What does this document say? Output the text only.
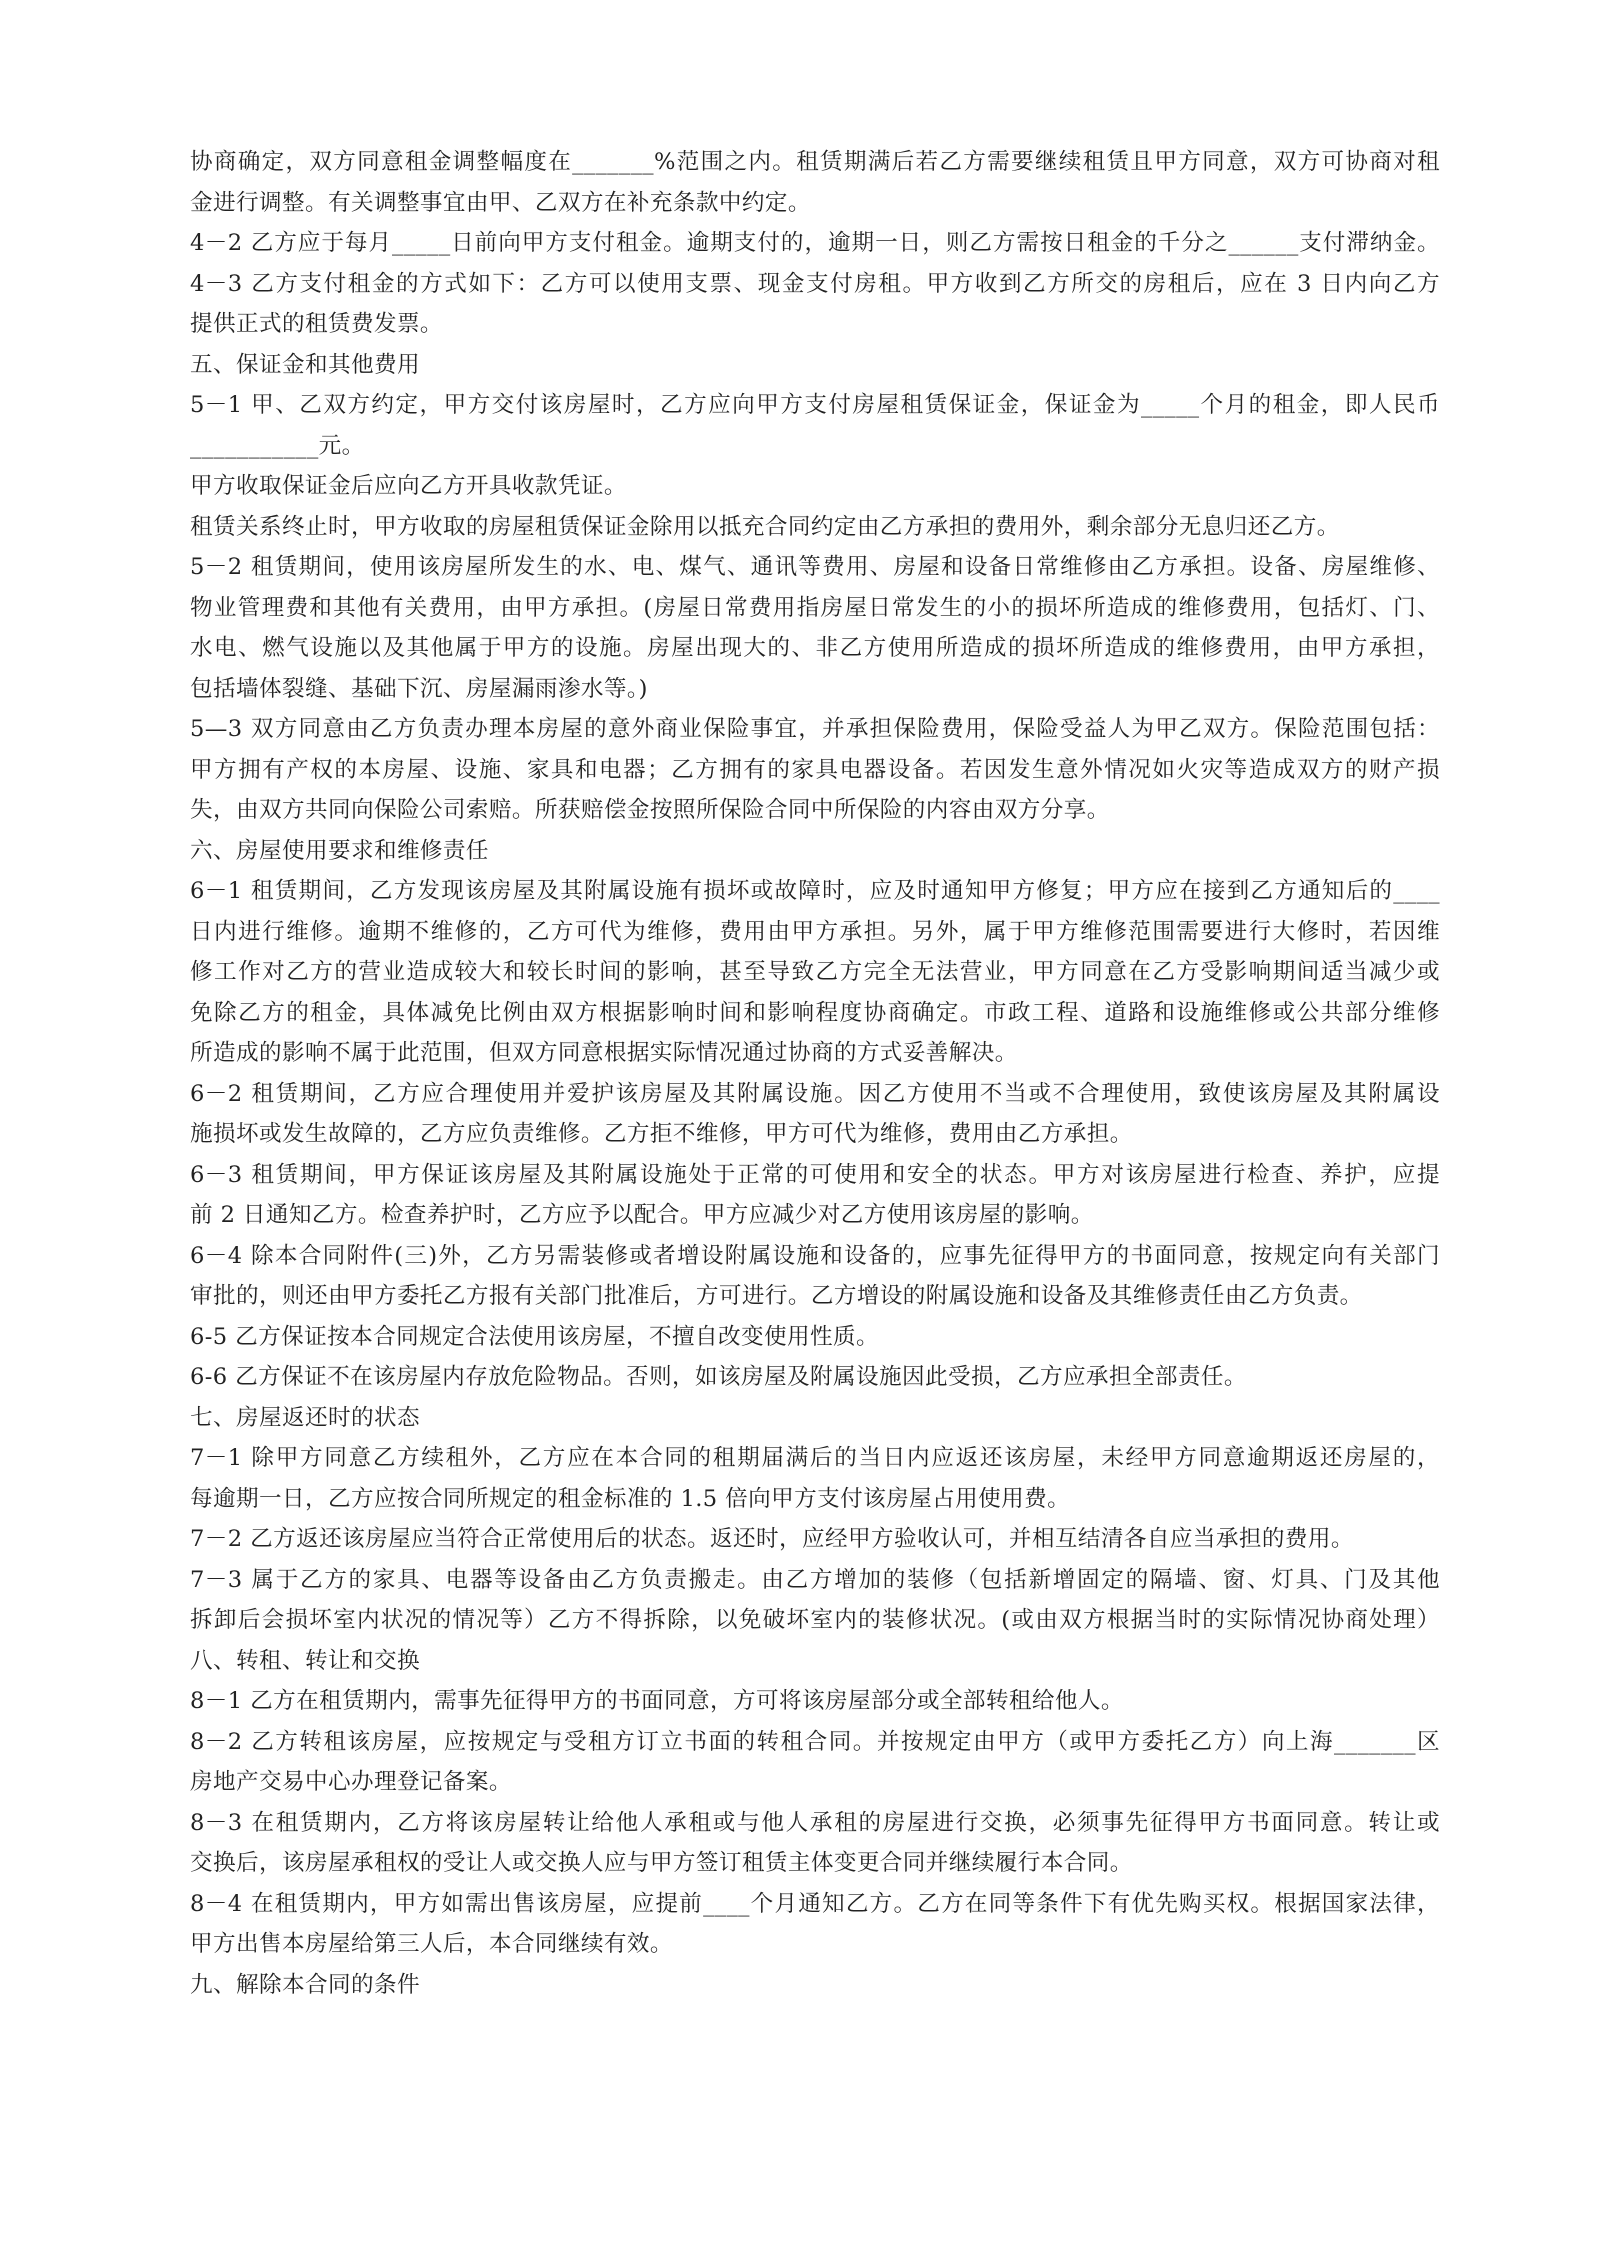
协商确定，双方同意租金调整幅度在_______%范围之内。租赁期满后若乙方需要继续租赁且甲方同意，双方可协商对租

金进行调整。有关调整事宜由甲、乙双方在补充条款中约定。

4－2 乙方应于每月_____日前向甲方支付租金。逾期支付的，逾期一日，则乙方需按日租金的千分之______支付滞纳金。

4－3 乙方支付租金的方式如下：乙方可以使用支票、现金支付房租。甲方收到乙方所交的房租后，应在 3 日内向乙方

提供正式的租赁费发票。

五、保证金和其他费用

5－1 甲、乙双方约定，甲方交付该房屋时，乙方应向甲方支付房屋租赁保证金，保证金为_____个月的租金，即人民币

___________元。

甲方收取保证金后应向乙方开具收款凭证。

租赁关系终止时，甲方收取的房屋租赁保证金除用以抵充合同约定由乙方承担的费用外，剩余部分无息归还乙方。

5－2 租赁期间，使用该房屋所发生的水、电、煤气、通讯等费用、房屋和设备日常维修由乙方承担。设备、房屋维修、

物业管理费和其他有关费用，由甲方承担。(房屋日常费用指房屋日常发生的小的损坏所造成的维修费用，包括灯、门、

水电、燃气设施以及其他属于甲方的设施。房屋出现大的、非乙方使用所造成的损坏所造成的维修费用，由甲方承担，

包括墙体裂缝、基础下沉、房屋漏雨渗水等。)

5—3 双方同意由乙方负责办理本房屋的意外商业保险事宜，并承担保险费用，保险受益人为甲乙双方。保险范围包括：

甲方拥有产权的本房屋、设施、家具和电器；乙方拥有的家具电器设备。若因发生意外情况如火灾等造成双方的财产损

失，由双方共同向保险公司索赔。所获赔偿金按照所保险合同中所保险的内容由双方分享。

六、房屋使用要求和维修责任

6－1 租赁期间，乙方发现该房屋及其附属设施有损坏或故障时，应及时通知甲方修复；甲方应在接到乙方通知后的____

日内进行维修。逾期不维修的，乙方可代为维修，费用由甲方承担。另外，属于甲方维修范围需要进行大修时，若因维

修工作对乙方的营业造成较大和较长时间的影响，甚至导致乙方完全无法营业，甲方同意在乙方受影响期间适当减少或

免除乙方的租金，具体减免比例由双方根据影响时间和影响程度协商确定。市政工程、道路和设施维修或公共部分维修

所造成的影响不属于此范围，但双方同意根据实际情况通过协商的方式妥善解决。

6－2 租赁期间，乙方应合理使用并爱护该房屋及其附属设施。因乙方使用不当或不合理使用，致使该房屋及其附属设

施损坏或发生故障的，乙方应负责维修。乙方拒不维修，甲方可代为维修，费用由乙方承担。

6－3 租赁期间，甲方保证该房屋及其附属设施处于正常的可使用和安全的状态。甲方对该房屋进行检查、养护，应提

前 2 日通知乙方。检查养护时，乙方应予以配合。甲方应减少对乙方使用该房屋的影响。

6－4 除本合同附件(三)外，乙方另需装修或者增设附属设施和设备的，应事先征得甲方的书面同意，按规定向有关部门

审批的，则还由甲方委托乙方报有关部门批准后，方可进行。乙方增设的附属设施和设备及其维修责任由乙方负责。

6-5 乙方保证按本合同规定合法使用该房屋，不擅自改变使用性质。

6-6 乙方保证不在该房屋内存放危险物品。否则，如该房屋及附属设施因此受损，乙方应承担全部责任。

七、房屋返还时的状态

7－1 除甲方同意乙方续租外，乙方应在本合同的租期届满后的当日内应返还该房屋，未经甲方同意逾期返还房屋的，

每逾期一日，乙方应按合同所规定的租金标准的 1.5 倍向甲方支付该房屋占用使用费。

7－2 乙方返还该房屋应当符合正常使用后的状态。返还时，应经甲方验收认可，并相互结清各自应当承担的费用。

7－3 属于乙方的家具、电器等设备由乙方负责搬走。由乙方增加的装修（包括新增固定的隔墙、窗、灯具、门及其他

拆卸后会损坏室内状况的情况等）乙方不得拆除，以免破坏室内的装修状况。(或由双方根据当时的实际情况协商处理）

八、转租、转让和交换

8－1 乙方在租赁期内，需事先征得甲方的书面同意，方可将该房屋部分或全部转租给他人。

8－2 乙方转租该房屋，应按规定与受租方订立书面的转租合同。并按规定由甲方（或甲方委托乙方）向上海_______区

房地产交易中心办理登记备案。

8－3 在租赁期内，乙方将该房屋转让给他人承租或与他人承租的房屋进行交换，必须事先征得甲方书面同意。转让或

交换后，该房屋承租权的受让人或交换人应与甲方签订租赁主体变更合同并继续履行本合同。

8－4 在租赁期内，甲方如需出售该房屋，应提前____个月通知乙方。乙方在同等条件下有优先购买权。根据国家法律，

甲方出售本房屋给第三人后，本合同继续有效。

九、解除本合同的条件
